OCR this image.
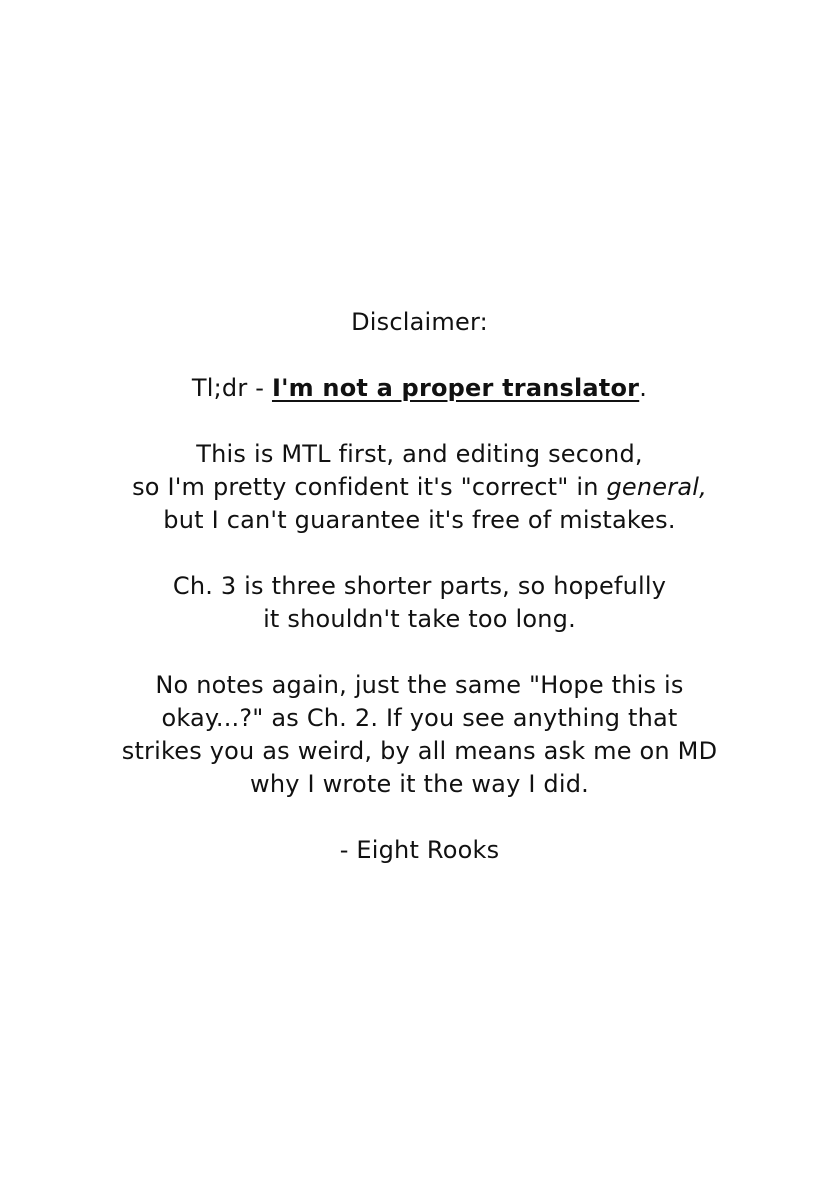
Disclaimer:

Tl;dr - I'm not a proper translator.

This is MTL first, and editing second,
so I'm pretty confident it's "correct" in general,
but I can't guarantee it's free of mistakes.

Ch. 3 is three shorter parts, so hopefully
it shouldn't take too long.

No notes again, just the same "Hope this is
okay...?" as Ch. 2. If you see anything that
strikes you as weird, by all means ask me on MD
why I wrote it the way I did.

- Eight Rooks
